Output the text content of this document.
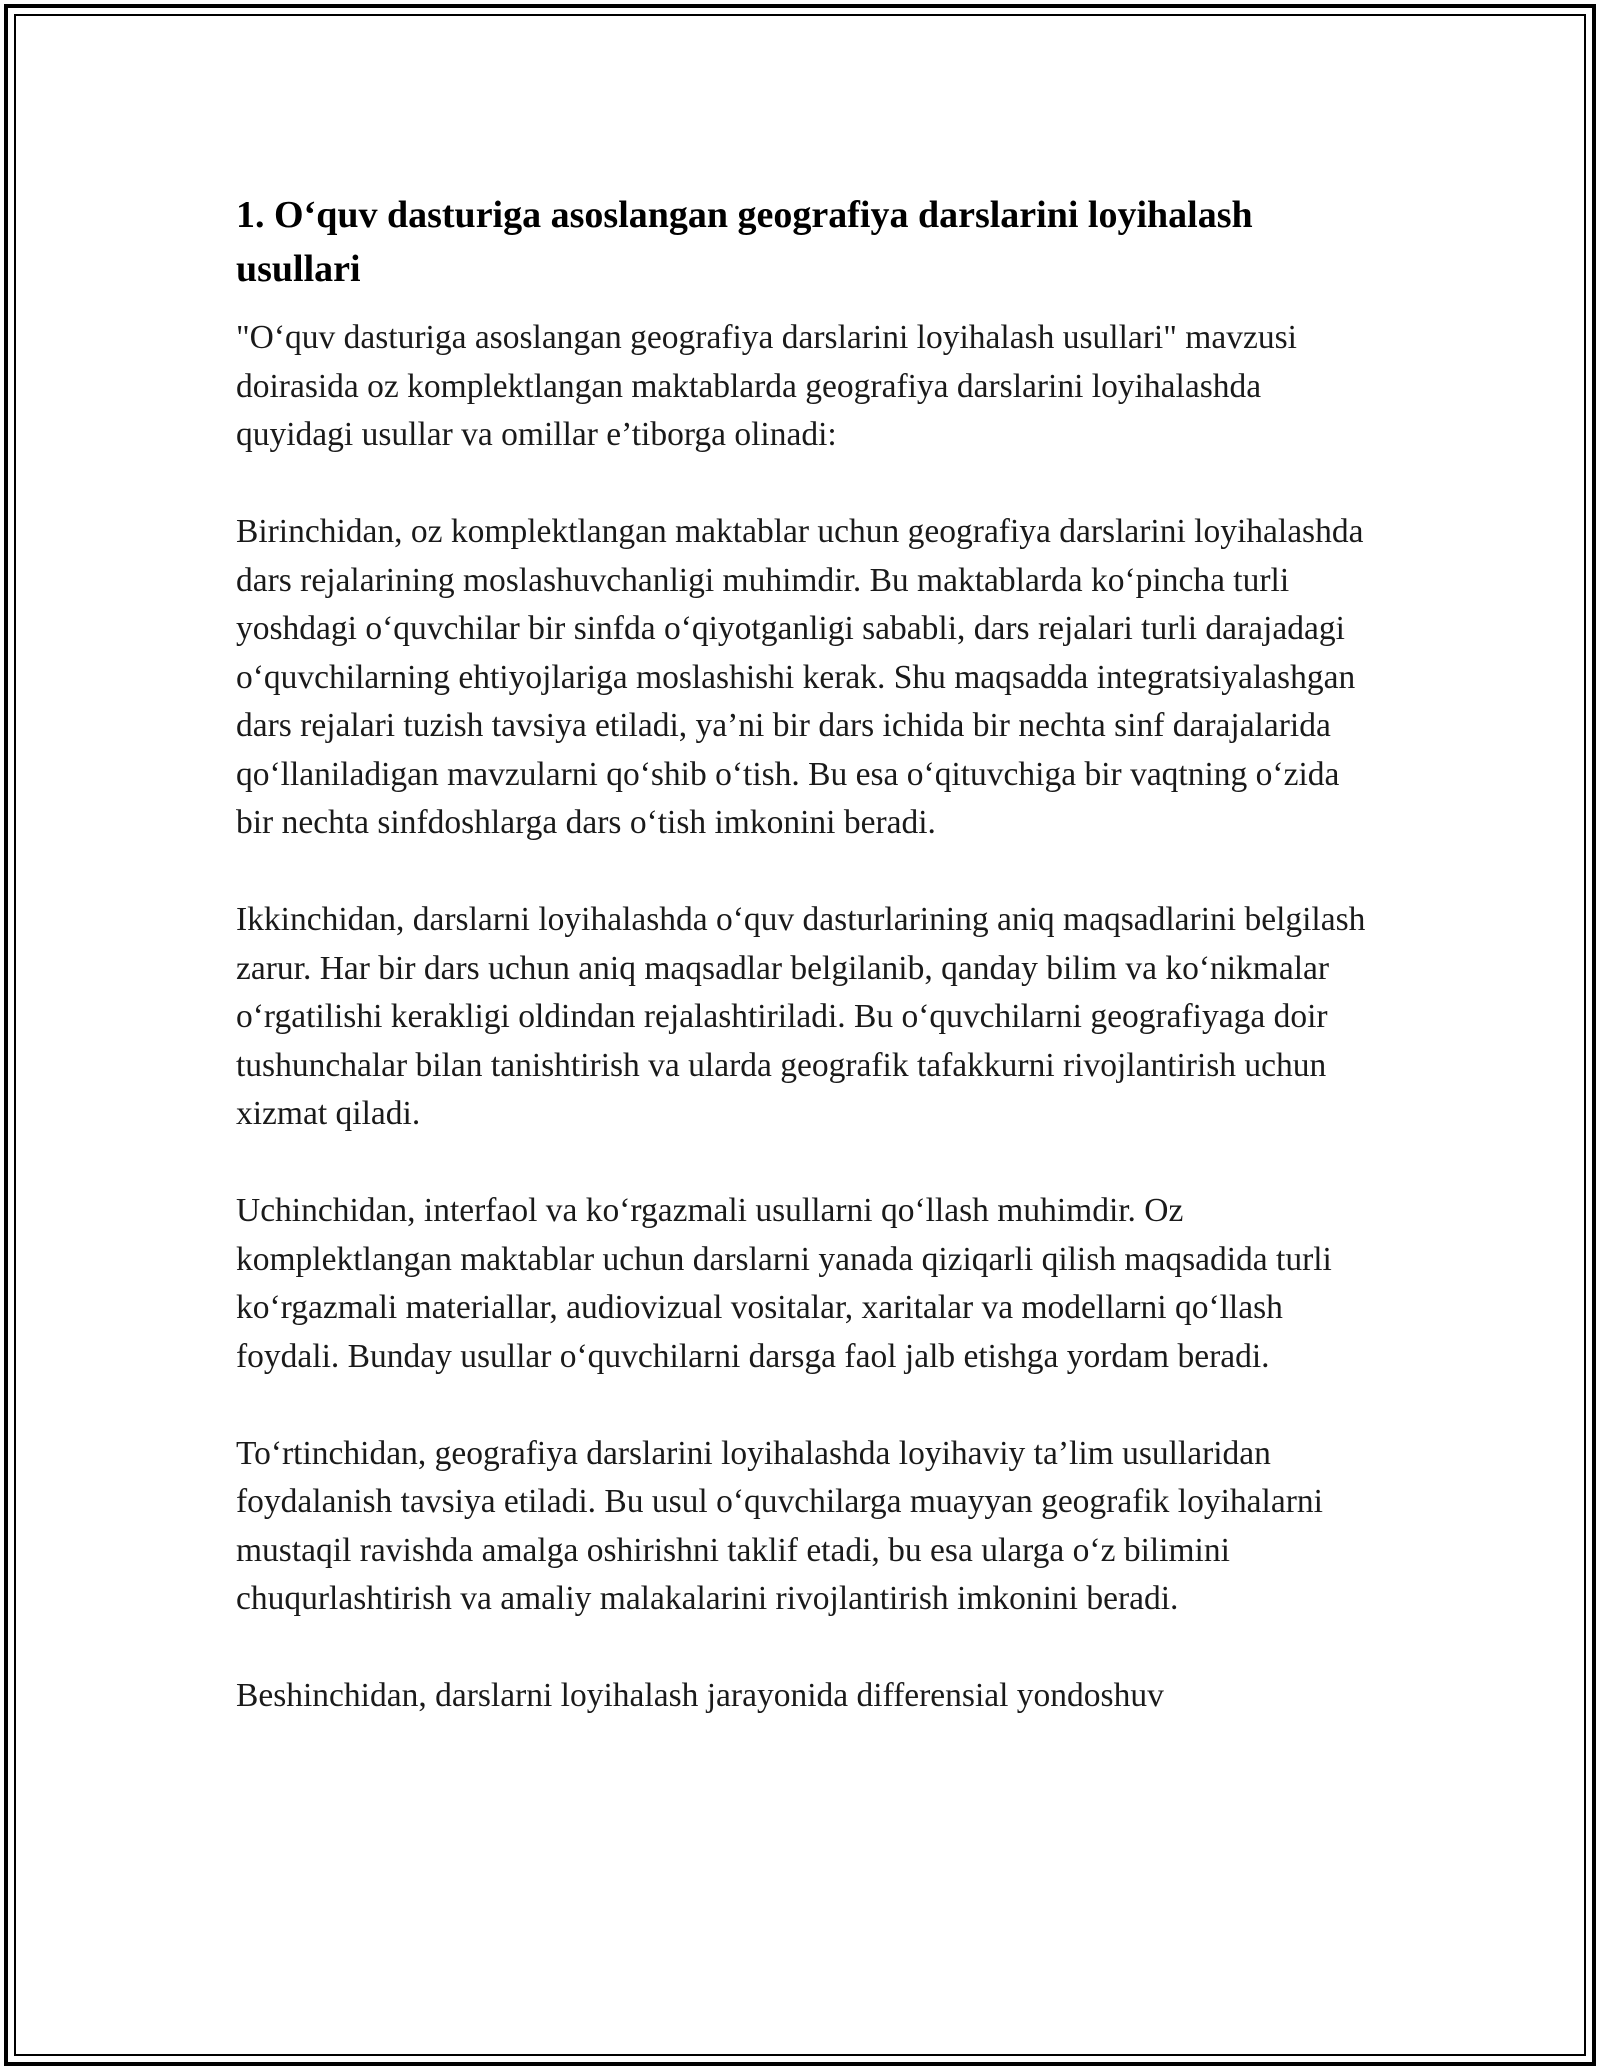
1. O‘quv dasturiga asoslangan geografiya darslarini loyihalash usullari

"O‘quv dasturiga asoslangan geografiya darslarini loyihalash usullari" mavzusi doirasida oz komplektlangan maktablarda geografiya darslarini loyihalashda quyidagi usullar va omillar e’tiborga olinadi:

Birinchidan, oz komplektlangan maktablar uchun geografiya darslarini loyihalashda dars rejalarining moslashuvchanligi muhimdir. Bu maktablarda ko‘pincha turli yoshdagi o‘quvchilar bir sinfda o‘qiyotganligi sababli, dars rejalari turli darajadagi o‘quvchilarning ehtiyojlariga moslashishi kerak. Shu maqsadda integratsiyalashgan dars rejalari tuzish tavsiya etiladi, ya’ni bir dars ichida bir nechta sinf darajalarida qo‘llaniladigan mavzularni qo‘shib o‘tish. Bu esa o‘qituvchiga bir vaqtning o‘zida bir nechta sinfdoshlarga dars o‘tish imkonini beradi.

Ikkinchidan, darslarni loyihalashda o‘quv dasturlarining aniq maqsadlarini belgilash zarur. Har bir dars uchun aniq maqsadlar belgilanib, qanday bilim va ko‘nikmalar o‘rgatilishi kerakligi oldindan rejalashtiriladi. Bu o‘quvchilarni geografiyaga doir tushunchalar bilan tanishtirish va ularda geografik tafakkurni rivojlantirish uchun xizmat qiladi.

Uchinchidan, interfaol va ko‘rgazmali usullarni qo‘llash muhimdir. Oz komplektlangan maktablar uchun darslarni yanada qiziqarli qilish maqsadida turli ko‘rgazmali materiallar, audiovizual vositalar, xaritalar va modellarni qo‘llash foydali. Bunday usullar o‘quvchilarni darsga faol jalb etishga yordam beradi.

To‘rtinchidan, geografiya darslarini loyihalashda loyihaviy ta’lim usullaridan foydalanish tavsiya etiladi. Bu usul o‘quvchilarga muayyan geografik loyihalarni mustaqil ravishda amalga oshirishni taklif etadi, bu esa ularga o‘z bilimini chuqurlashtirish va amaliy malakalarini rivojlantirish imkonini beradi.

Beshinchidan, darslarni loyihalash jarayonida differensial yondoshuv
